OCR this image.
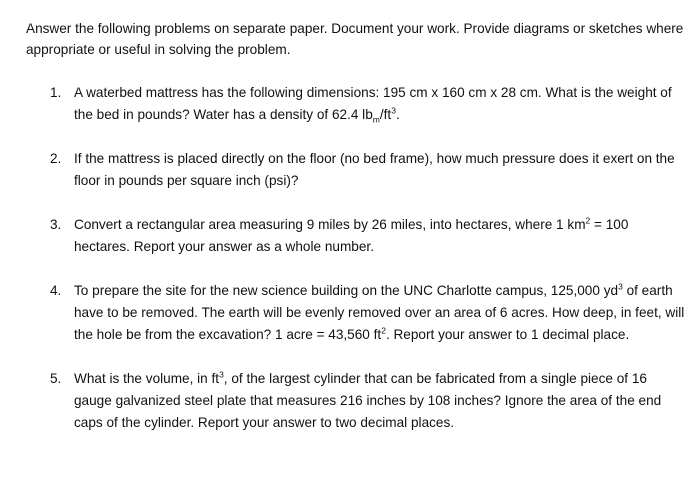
Answer the following problems on separate paper. Document your work. Provide diagrams or sketches where appropriate or useful in solving the problem.
1. A waterbed mattress has the following dimensions: 195 cm x 160 cm x 28 cm. What is the weight of the bed in pounds? Water has a density of 62.4 $lb_m/ft^3$.
2. If the mattress is placed directly on the floor (no bed frame), how much pressure does it exert on the floor in pounds per square inch (psi)?
3. Convert a rectangular area measuring 9 miles by 26 miles, into hectares, where 1 $km^2 = 100$ hectares. Report your answer as a whole number.
4. To prepare the site for the new science building on the UNC Charlotte campus, 125,000 $yd^3$ of earth have to be removed. The earth will be evenly removed over an area of 6 acres. How deep, in feet, will the hole be from the excavation? 1 acre = 43,560 $ft^2$. Report your answer to 1 decimal place.
5. What is the volume, in $ft^3$, of the largest cylinder that can be fabricated from a single piece of 16 gauge galvanized steel plate that measures 216 inches by 108 inches? Ignore the area of the end caps of the cylinder. Report your answer to two decimal places.
